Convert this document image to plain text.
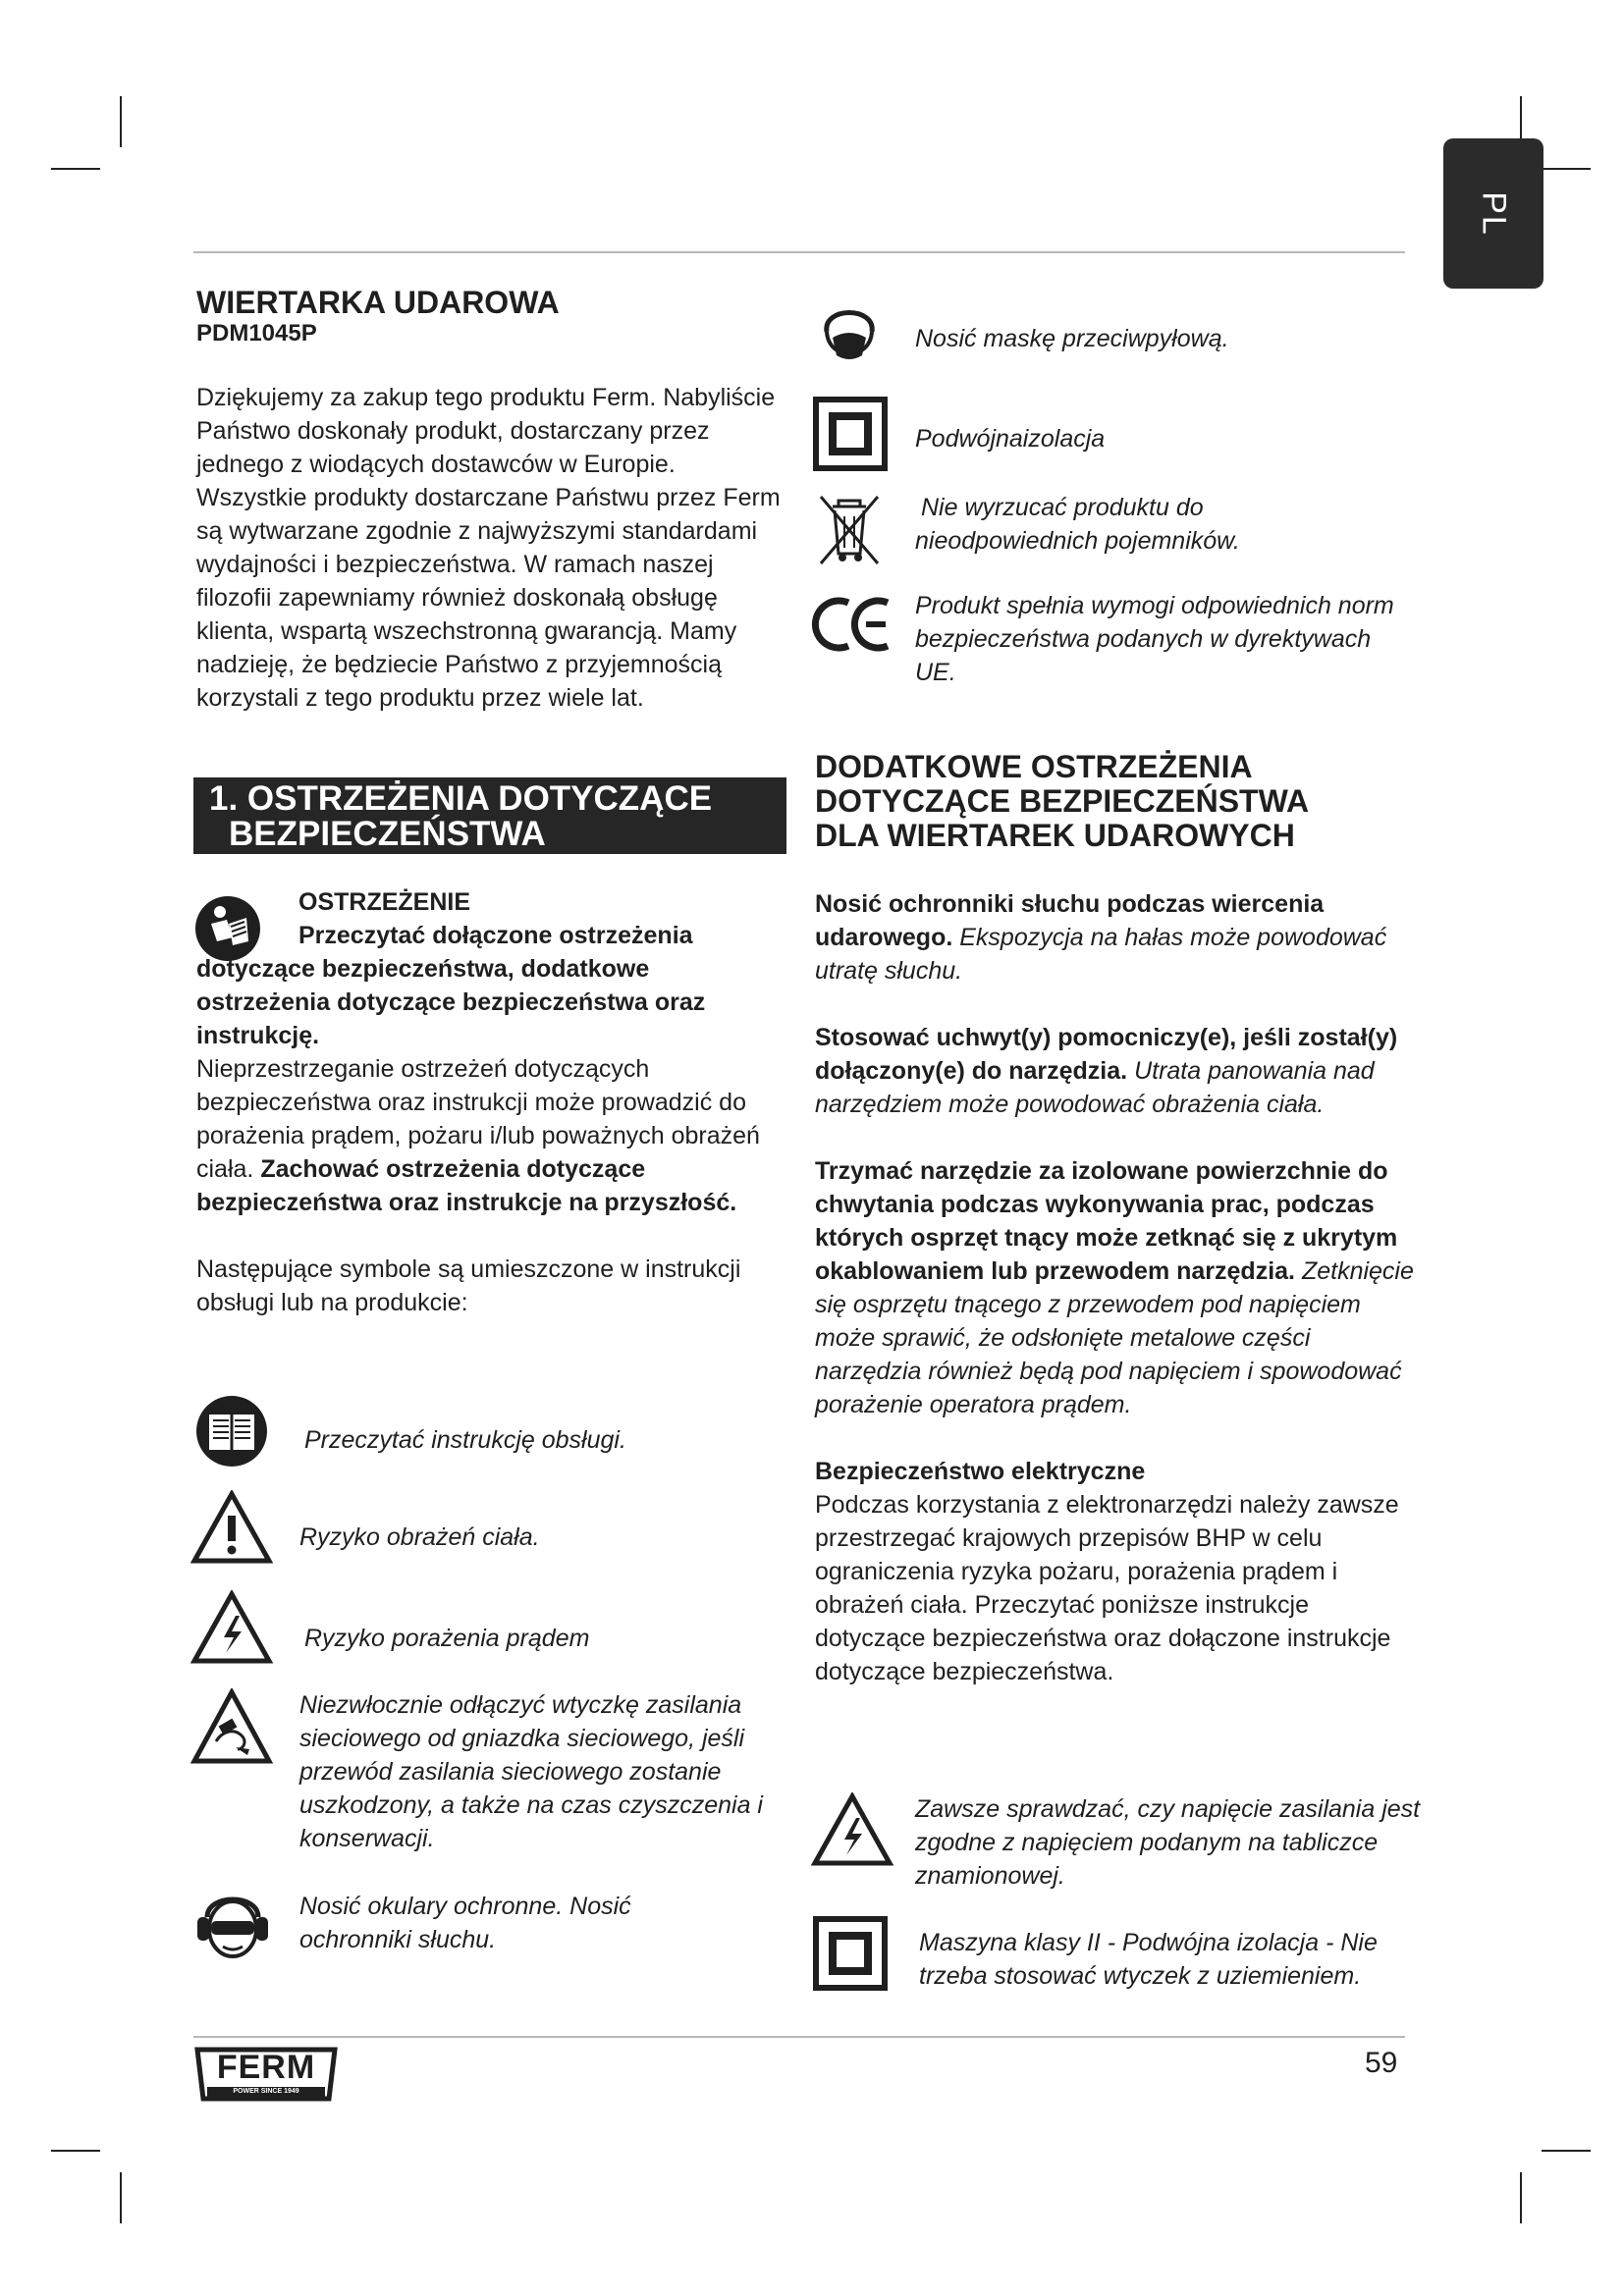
PL
WIERTARKA UDAROWA
PDM1045P

Dziękujemy za zakup tego produktu Ferm. Nabyliście Państwo doskonały produkt, dostarczany przez jednego z wiodących dostawców w Europie. Wszystkie produkty dostarczane Państwu przez Ferm są wytwarzane zgodnie z najwyższymi standardami wydajności i bezpieczeństwa. W ramach naszej filozofii zapewniamy również doskonałą obsługę klienta, wspartą wszechstronną gwarancją. Mamy nadzieję, że będziecie Państwo z przyjemnością korzystali z tego produktu przez wiele lat.

1. OSTRZEŻENIA DOTYCZĄCE
BEZPIECZEŃSTWA

OSTRZEŻENIE

Przeczytać dołączone ostrzeżenia dotyczące bezpieczeństwa, dodatkowe ostrzeżenia dotyczące bezpieczeństwa oraz instrukcję.

Nieprzestrzeganie ostrzeżeń dotyczących bezpieczeństwa oraz instrukcji może prowadzić do porażenia prądem, pożaru i/lub poważnych obrażeń ciała. Zachować ostrzeżenia dotyczące bezpieczeństwa oraz instrukcje na przyszłość.

Następujące symbole są umieszczone w instrukcji obsługi lub na produkcie:

Przeczytać instrukcję obsługi.
Ryzyko obrażeń ciała.
Ryzyko porażenia prądem
Niezwłocznie odłączyć wtyczkę zasilania sieciowego od gniazdka sieciowego, jeśli przewód zasilania sieciowego zostanie uszkodzony, a także na czas czyszczenia i konserwacji.
Nosić okulary ochronne. Nosić ochronniki słuchu.
Nosić maskę przeciwpyłową.
Podwójnaizolacja
Nie wyrzucać produktu do nieodpowiednich pojemników.
Produkt spełnia wymogi odpowiednich norm bezpieczeństwa podanych w dyrektywach UE.
DODATKOWE OSTRZEŻENIA DOTYCZĄCE BEZPIECZEŃSTWA DLA WIERTAREK UDAROWYCH

Nosić ochronniki słuchu podczas wiercenia udarowego. Ekspozycja na hałas może powodować utratę słuchu.

Stosować uchwyt(y) pomocniczy(e), jeśli został(y) dołączony(e) do narzędzia. Utrata panowania nad narzędziem może powodować obrażenia ciała.

Trzymać narzędzie za izolowane powierzchnie do chwytania podczas wykonywania prac, podczas których osprzęt tnący może zetknąć się z ukrytym okablowaniem lub przewodem narzędzia. Zetknięcie się osprzętu tnącego z przewodem pod napięciem może sprawić, że odsłonięte metalowe części narzędzia również będą pod napięciem i spowodować porażenie operatora prądem.

Bezpieczeństwo elektryczne

Podczas korzystania z elektronarzędzi należy zawsze przestrzegać krajowych przepisów BHP w celu ograniczenia ryzyka pożaru, porażenia prądem i obrażeń ciała. Przeczytać poniższe instrukcje dotyczące bezpieczeństwa oraz dołączone instrukcje dotyczące bezpieczeństwa.

Zawsze sprawdzać, czy napięcie zasilania jest zgodne z napięciem podanym na tabliczce znamionowej.
Maszyna klasy II - Podwójna izolacja - Nie trzeba stosować wtyczek z uziemieniem.
FERM
POWER SINCE 1949
59
